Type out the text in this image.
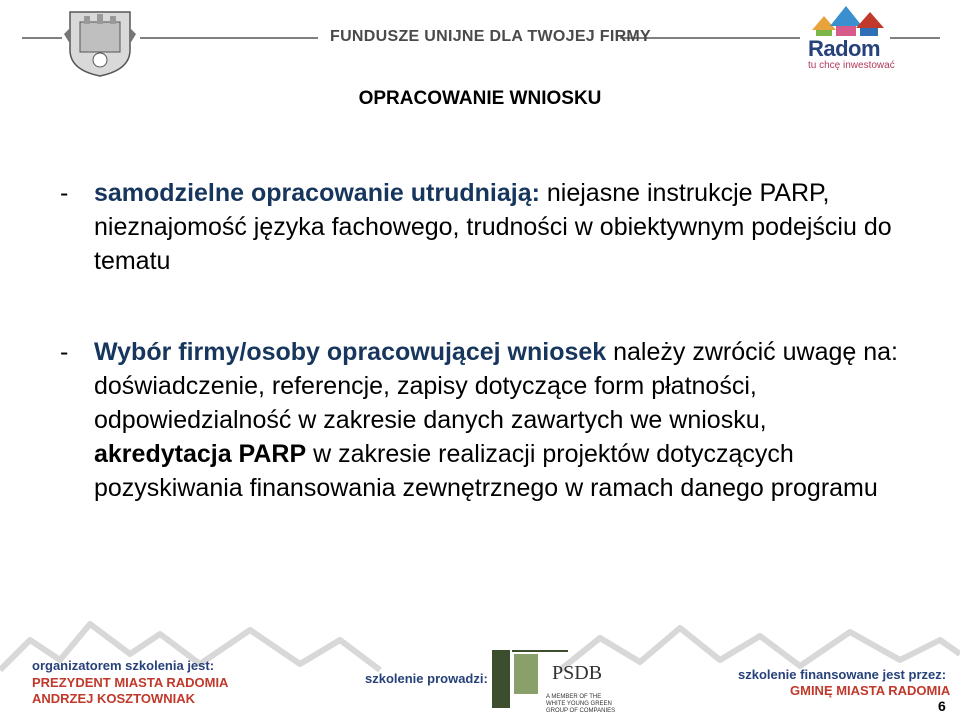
FUNDUSZE UNIJNE DLA TWOJEJ FIRMY	Radom
tu chcę inwestować
OPRACOWANIE WNIOSKU
- samodzielne opracowanie utrudniają: niejasne instrukcje PARP, nieznajomość języka fachowego, trudności w obiektywnym podejściu do tematu
- Wybór firmy/osoby opracowującej wniosek należy zwrócić uwagę na: doświadczenie, referencje, zapisy dotyczące form płatności, odpowiedzialność w zakresie danych zawartych we wniosku, akredytacja PARP w zakresie realizacji projektów dotyczących pozyskiwania finansowania zewnętrznego w ramach danego programu
organizatorem szkolenia jest:
PREZYDENT MIASTA RADOMIA
ANDRZEJ KOSZTOWNIAK
szkolenie prowadzi:	PSDB
A MEMBER OF THE WHITE YOUNG GREEN GROUP OF COMPANIES
szkolenie finansowane jest przez:
GMINĘ MIASTA RADOMIA
6
